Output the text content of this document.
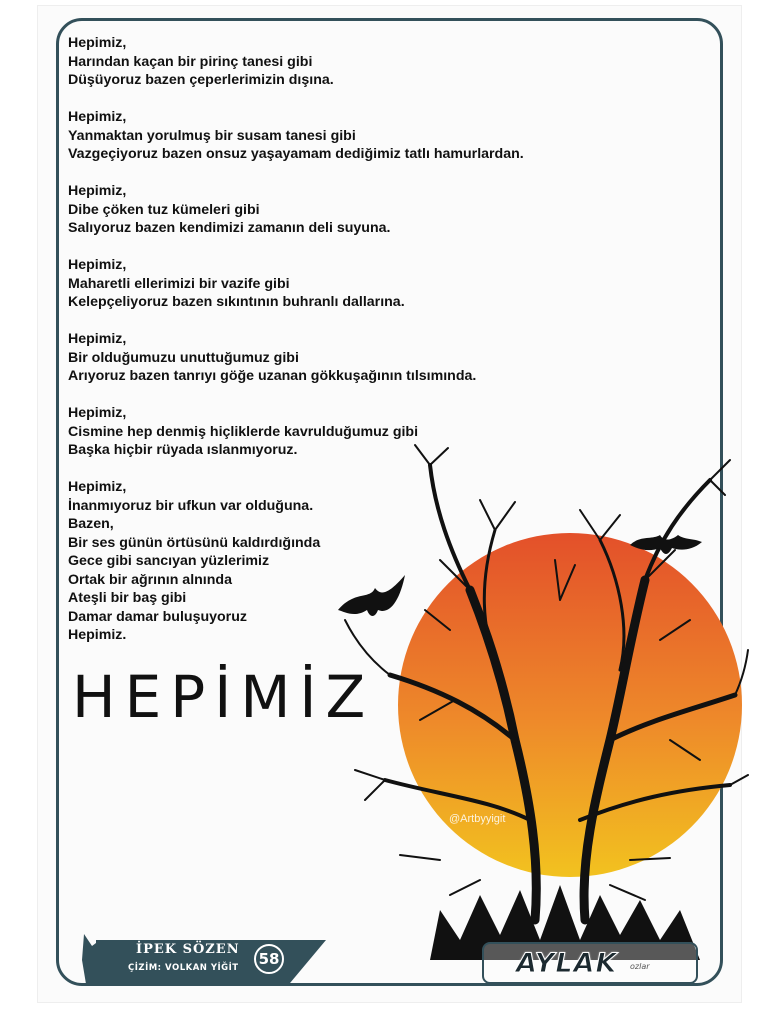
Hepimiz,
Harından kaçan bir pirinç tanesi gibi
Düşüyoruz bazen çeperlerimizin dışına.
Hepimiz,
Yanmaktan yorulmuş bir susam tanesi gibi
Vazgeçiyoruz bazen onsuz yaşayamam dediğimiz tatlı hamurlardan.
Hepimiz,
Dibe çöken tuz kümeleri gibi
Salıyoruz bazen kendimizi zamanın deli suyuna.
Hepimiz,
Maharetli ellerimizi bir vazife gibi
Kelepçeliyoruz bazen sıkıntının buhranlı dallarına.
Hepimiz,
Bir olduğumuzu unuttuğumuz gibi
Arıyoruz bazen tanrıyı göğe uzanan gökkuşağının tılsımında.
Hepimiz,
Cismine hep denmiş hiçliklerde kavrulduğumuz gibi
Başka hiçbir rüyada ıslanmıyoruz.
Hepimiz,
İnanmıyoruz bir ufkun var olduğuna.
Bazen,
Bir ses günün örtüsünü kaldırdığında
Gece gibi sancıyan yüzlerimiz
Ortak bir ağrının alnında
Ateşli bir baş gibi
Damar damar buluşuyoruz
Hepimiz.
HEPİMİZ
@Artbyyigit
İPEK SÖZEN
ÇİZİM: VOLKAN YİĞİT	58	AYLAK ozlar
